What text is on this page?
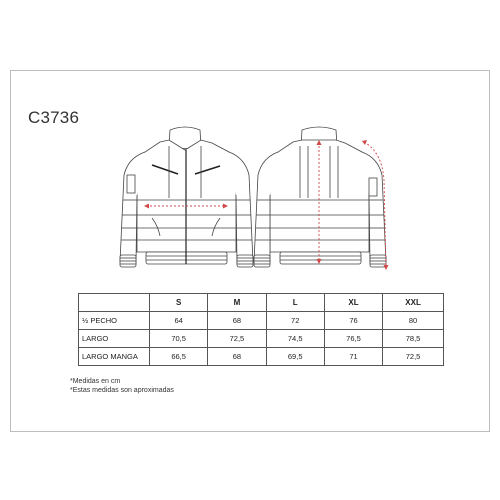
C3736
	S	M	L	XL	XXL
½ PECHO	64	68	72	76	80
LARGO	70,5	72,5	74,5	76,5	78,5
LARGO MANGA	66,5	68	69,5	71	72,5
*Medidas en cm
*Estas medidas son aproximadas
